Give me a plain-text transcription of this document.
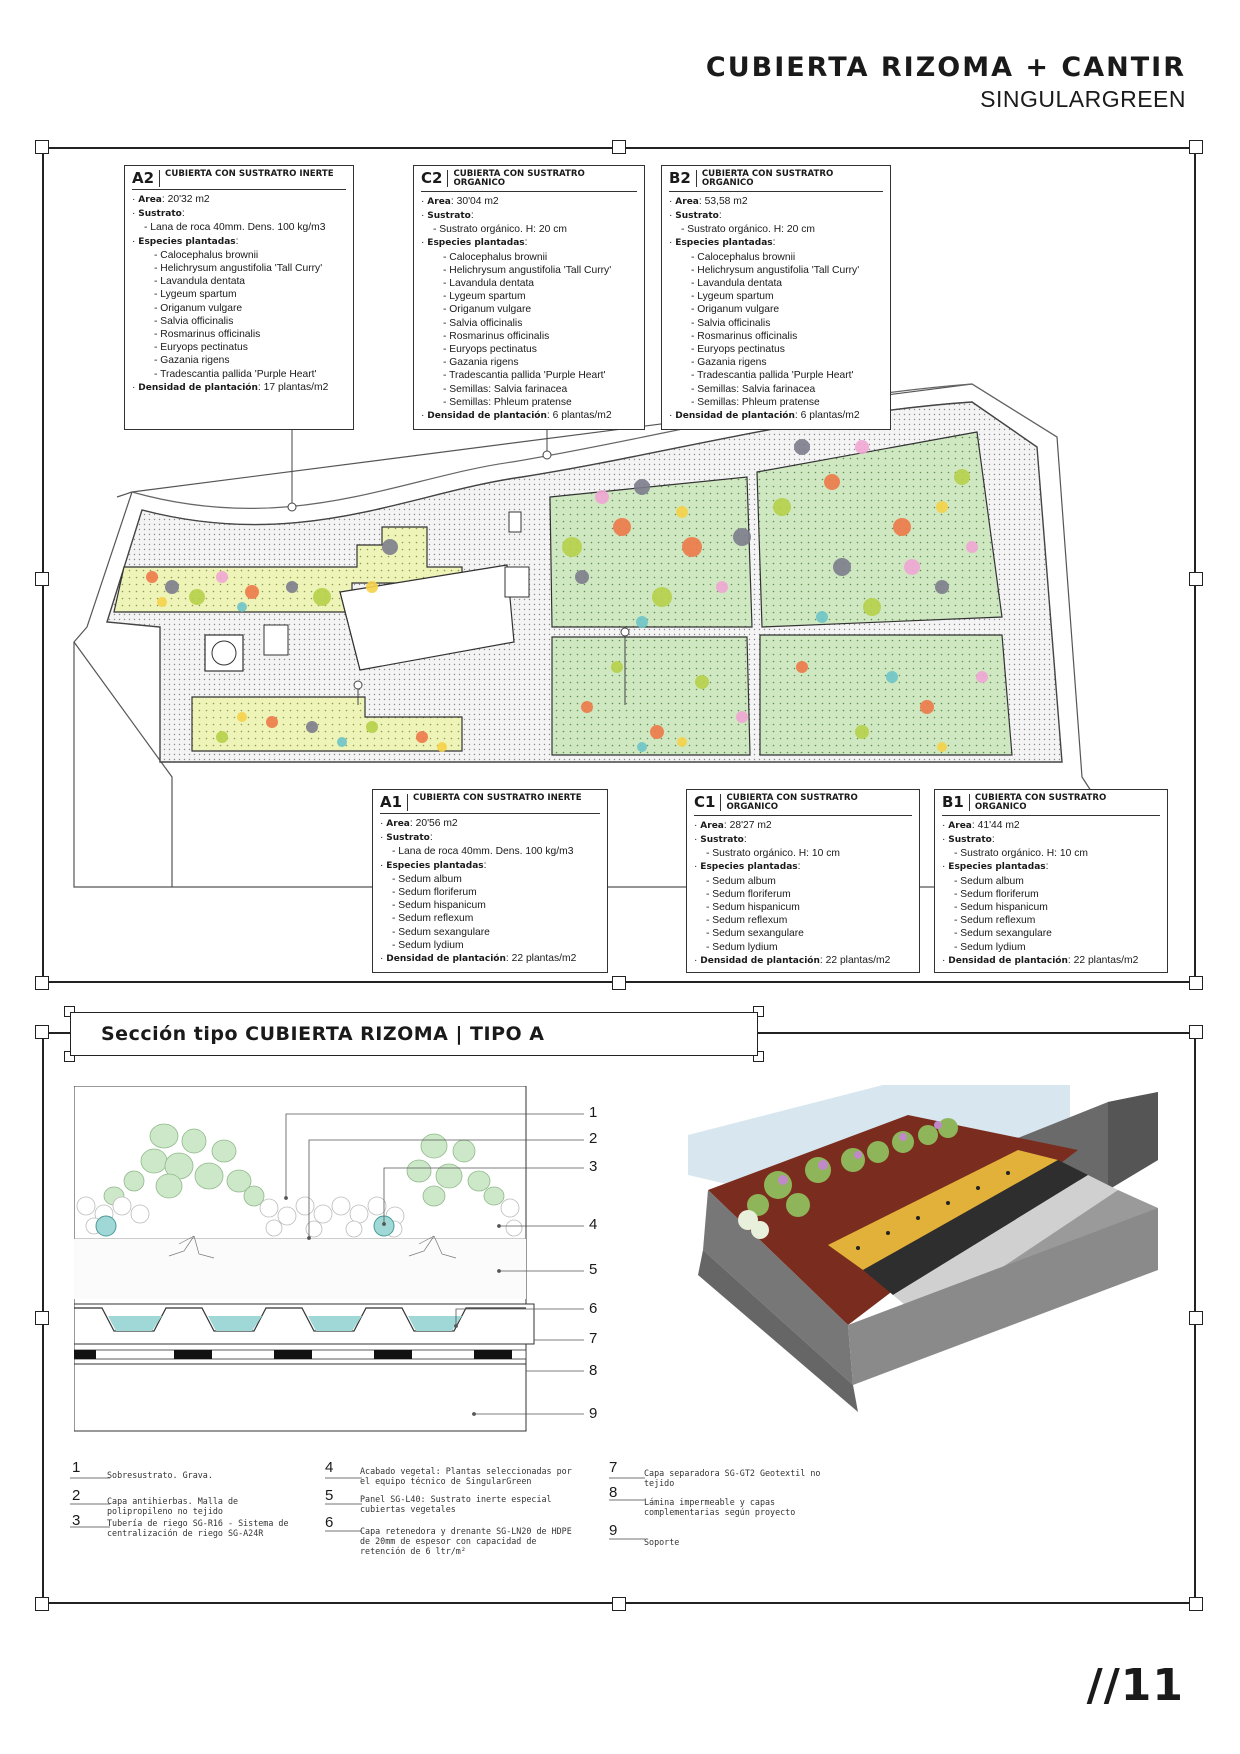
CUBIERTA RIZOMA + CANTIR
SINGULARGREEN
A2	CUBIERTA CON SUSTRATRO INERTE
· Area: 20'32 m2
· Sustrato:
- Lana de roca 40mm. Dens. 100 kg/m3
· Especies plantadas:
- Calocephalus brownii
- Helichrysum angustifolia 'Tall Curry'
- Lavandula dentata
- Lygeum spartum
- Origanum vulgare
- Salvia officinalis
- Rosmarinus officinalis
- Euryops pectinatus
- Gazania rigens
- Tradescantia pallida 'Purple Heart'
· Densidad de plantación: 17 plantas/m2
C2	CUBIERTA CON SUSTRATRO ORGANICO
· Area: 30'04 m2
· Sustrato:
- Sustrato orgánico. H: 20 cm
· Especies plantadas:
- Calocephalus brownii
- Helichrysum angustifolia 'Tall Curry'
- Lavandula dentata
- Lygeum spartum
- Origanum vulgare
- Salvia officinalis
- Rosmarinus officinalis
- Euryops pectinatus
- Gazania rigens
- Tradescantia pallida 'Purple Heart'
- Semillas: Salvia farinacea
- Semillas: Phleum pratense
· Densidad de plantación: 6 plantas/m2
B2	CUBIERTA CON SUSTRATRO ORGANICO
· Area: 53,58 m2
· Sustrato:
- Sustrato orgánico. H: 20 cm
· Especies plantadas:
- Calocephalus brownii
- Helichrysum angustifolia 'Tall Curry'
- Lavandula dentata
- Lygeum spartum
- Origanum vulgare
- Salvia officinalis
- Rosmarinus officinalis
- Euryops pectinatus
- Gazania rigens
- Tradescantia pallida 'Purple Heart'
- Semillas: Salvia farinacea
- Semillas: Phleum pratense
· Densidad de plantación: 6 plantas/m2
A1	CUBIERTA CON SUSTRATRO INERTE
· Area: 20'56 m2
· Sustrato:
- Lana de roca 40mm. Dens. 100 kg/m3
· Especies plantadas:
- Sedum album
- Sedum floriferum
- Sedum hispanicum
- Sedum reflexum
- Sedum sexangulare
- Sedum lydium
· Densidad de plantación: 22 plantas/m2
C1	CUBIERTA CON SUSTRATRO ORGANICO
· Area: 28'27 m2
· Sustrato:
- Sustrato orgánico. H: 10 cm
· Especies plantadas:
- Sedum album
- Sedum floriferum
- Sedum hispanicum
- Sedum reflexum
- Sedum sexangulare
- Sedum lydium
· Densidad de plantación: 22 plantas/m2
B1	CUBIERTA CON SUSTRATRO ORGANICO
· Area: 41'44 m2
· Sustrato:
- Sustrato orgánico. H: 10 cm
· Especies plantadas:
- Sedum album
- Sedum floriferum
- Sedum hispanicum
- Sedum reflexum
- Sedum sexangulare
- Sedum lydium
· Densidad de plantación: 22 plantas/m2
Sección tipo CUBIERTA RIZOMA | TIPO A
1
2
3
4
5
6
7
8
9
1	Sobresustrato. Grava.
2	Capa antihierbas. Malla de polipropileno no tejido
3	Tubería de riego SG-R16 - Sistema de centralización de riego SG-A24R
4	Acabado vegetal: Plantas seleccionadas por el equipo técnico de SingularGreen
5	Panel SG-L40: Sustrato inerte especial cubiertas vegetales
6	Capa retenedora y drenante SG-LN20 de HDPE de 20mm de espesor con capacidad de retención de 6 ltr/m²
7	Capa separadora SG-GT2 Geotextil no tejido
8
Lámina impermeable y capas complementarias según proyecto
9
Soporte
//11
